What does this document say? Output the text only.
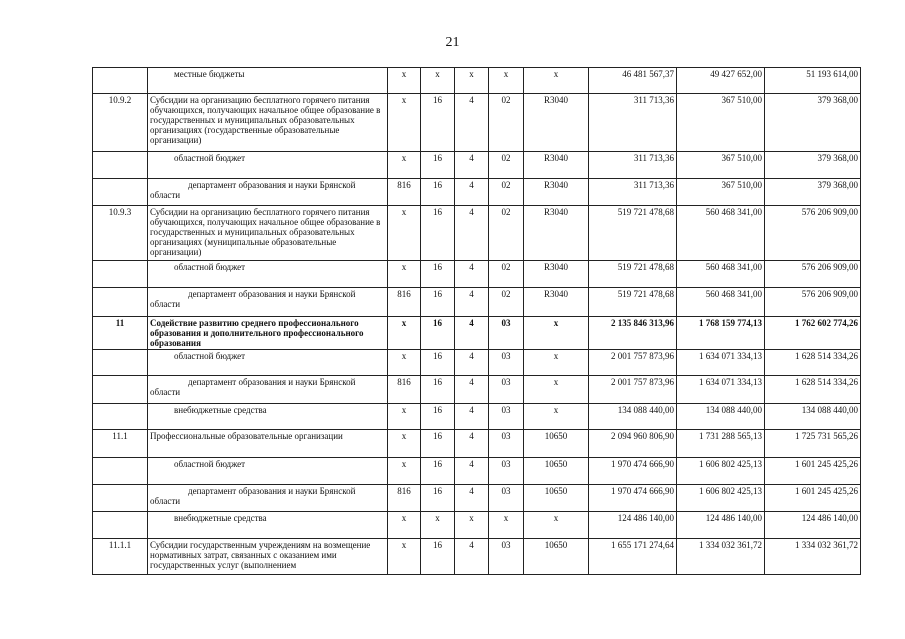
21

	местные бюджеты	х	х	х	х	х	46 481 567,37	49 427 652,00	51 193 614,00
10.9.2	Субсидии на организацию бесплатного горячего питания обучающихся, получающих начальное общее образование в государственных и муниципальных образовательных организациях (государственные образовательные организации)	х	16	4	02	R3040	311 713,36	367 510,00	379 368,00

	областной бюджет	х	16	4	02	R3040	311 713,36	367 510,00	379 368,00

	департамент образования и науки Брянской области	816	16	4	02	R3040	311 713,36	367 510,00	379 368,00
10.9.3	Субсидии на организацию бесплатного горячего питания обучающихся, получающих начальное общее образование в государственных и муниципальных образовательных организациях (муниципальные образовательные организации)	х	16	4	02	R3040	519 721 478,68	560 468 341,00	576 206 909,00

	областной бюджет	х	16	4	02	R3040	519 721 478,68	560 468 341,00	576 206 909,00

	департамент образования и науки Брянской области	816	16	4	02	R3040	519 721 478,68	560 468 341,00	576 206 909,00
11	Содействие развитию среднего профессионального образования и дополнительного профессионального образования	х	16	4	03	х	2 135 846 313,96	1 768 159 774,13	1 762 602 774,26

	областной бюджет	х	16	4	03	х	2 001 757 873,96	1 634 071 334,13	1 628 514 334,26

	департамент образования и науки Брянской области	816	16	4	03	х	2 001 757 873,96	1 634 071 334,13	1 628 514 334,26

	внебюджетные средства	х	16	4	03	х	134 088 440,00	134 088 440,00	134 088 440,00
11.1	Профессиональные образовательные организации	х	16	4	03	10650	2 094 960 806,90	1 731 288 565,13	1 725 731 565,26

	областной бюджет	х	16	4	03	10650	1 970 474 666,90	1 606 802 425,13	1 601 245 425,26

	департамент образования и науки Брянской области	816	16	4	03	10650	1 970 474 666,90	1 606 802 425,13	1 601 245 425,26

	внебюджетные средства	х	х	х	х	х	124 486 140,00	124 486 140,00	124 486 140,00
11.1.1	Субсидии государственным учреждениям на возмещение нормативных затрат, связанных с оказанием ими государственных услуг (выполнением	х	16	4	03	10650	1 655 171 274,64	1 334 032 361,72	1 334 032 361,72
